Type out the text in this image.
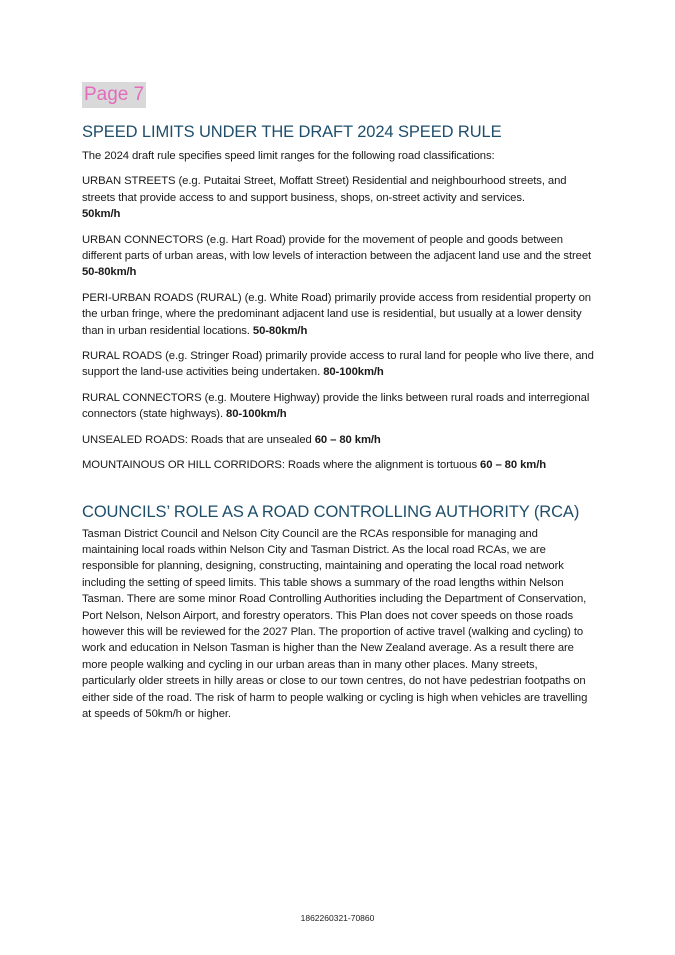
Page 7
SPEED LIMITS UNDER THE DRAFT 2024 SPEED RULE

The 2024 draft rule specifies speed limit ranges for the following road classifications:

URBAN STREETS (e.g. Putaitai Street, Moffatt Street) Residential and neighbourhood streets, and streets that provide access to and support business, shops, on-street activity and services.
50km/h

URBAN CONNECTORS (e.g. Hart Road) provide for the movement of people and goods between different parts of urban areas, with low levels of interaction between the adjacent land use and the street 50-80km/h

PERI-URBAN ROADS (RURAL) (e.g. White Road) primarily provide access from residential property on the urban fringe, where the predominant adjacent land use is residential, but usually at a lower density than in urban residential locations. 50-80km/h

RURAL ROADS (e.g. Stringer Road) primarily provide access to rural land for people who live there, and support the land-use activities being undertaken. 80-100km/h

RURAL CONNECTORS (e.g. Moutere Highway) provide the links between rural roads and interregional connectors (state highways). 80-100km/h

UNSEALED ROADS: Roads that are unsealed 60 – 80 km/h

MOUNTAINOUS OR HILL CORRIDORS: Roads where the alignment is tortuous 60 – 80 km/h

COUNCILS’ ROLE AS A ROAD CONTROLLING AUTHORITY (RCA)

Tasman District Council and Nelson City Council are the RCAs responsible for managing and maintaining local roads within Nelson City and Tasman District. As the local road RCAs, we are responsible for planning, designing, constructing, maintaining and operating the local road network including the setting of speed limits. This table shows a summary of the road lengths within Nelson Tasman. There are some minor Road Controlling Authorities including the Department of Conservation, Port Nelson, Nelson Airport, and forestry operators. This Plan does not cover speeds on those roads however this will be reviewed for the 2027 Plan. The proportion of active travel (walking and cycling) to work and education in Nelson Tasman is higher than the New Zealand average. As a result there are more people walking and cycling in our urban areas than in many other places. Many streets, particularly older streets in hilly areas or close to our town centres, do not have pedestrian footpaths on either side of the road. The risk of harm to people walking or cycling is high when vehicles are travelling at speeds of 50km/h or higher.

1862260321-70860
